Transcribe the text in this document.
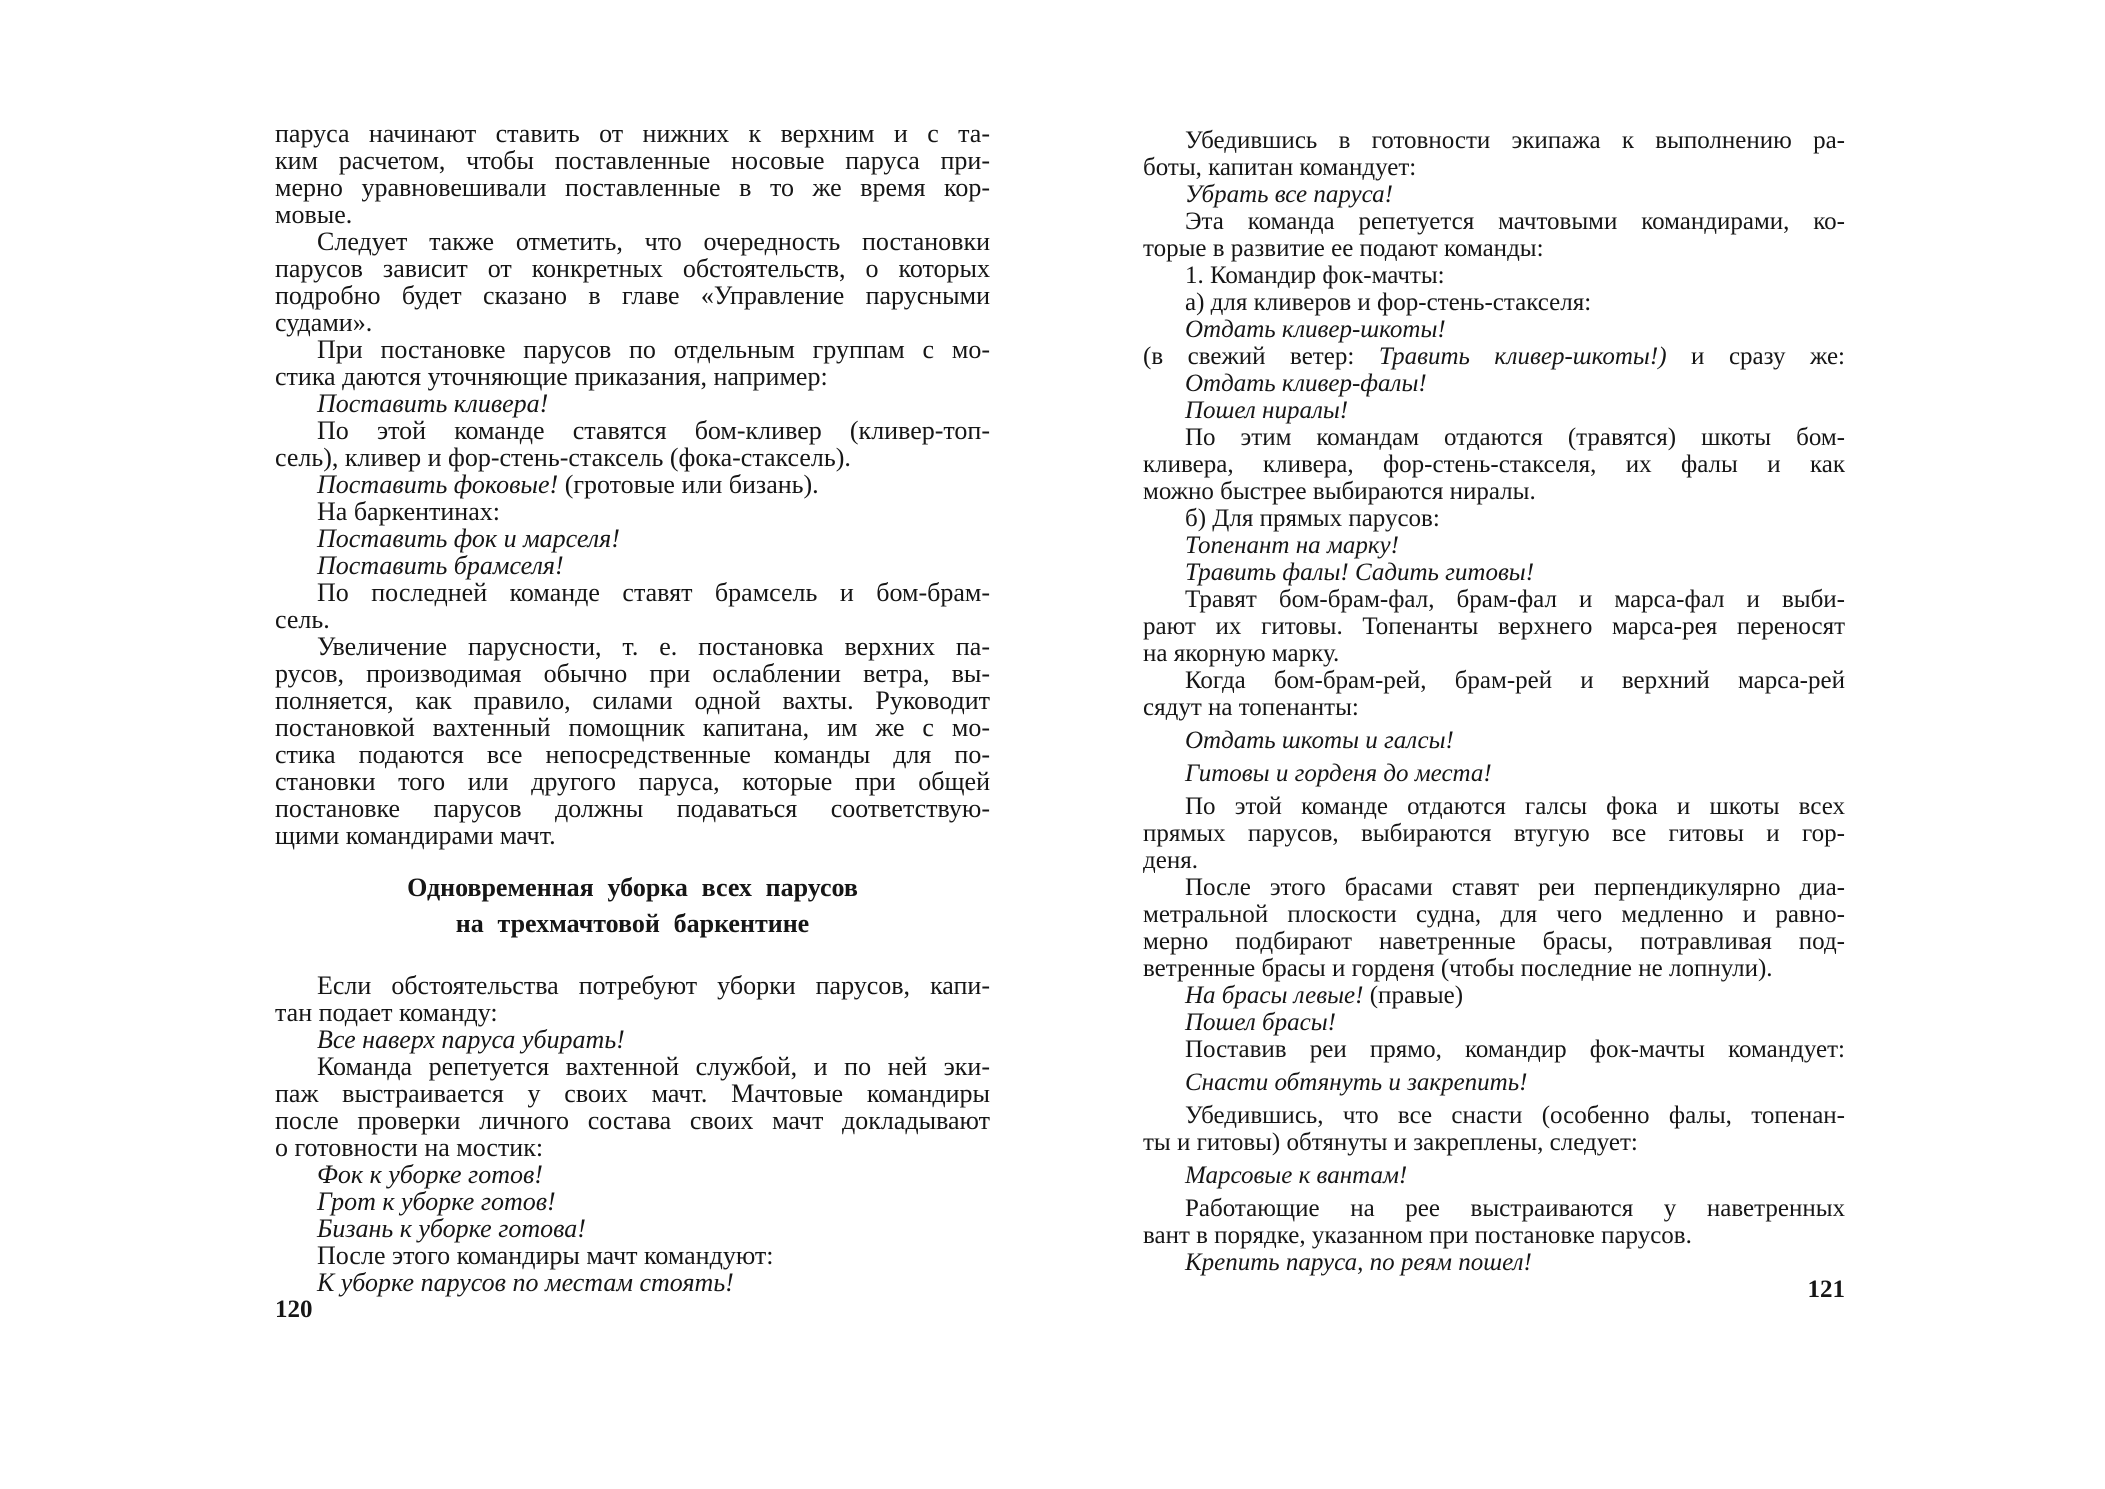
паруса начинают ставить от нижних к верхним и с та-
ким расчетом, чтобы поставленные носовые паруса при-
мерно уравновешивали поставленные в то же время кор-
мовые.
Следует также отметить, что очередность постановки
парусов зависит от конкретных обстоятельств, о которых
подробно будет сказано в главе «Управление парусными
судами».
При постановке парусов по отдельным группам с мо-
стика даются уточняющие приказания, например:
Поставить кливера!
По этой команде ставятся бом-кливер (кливер-топ-
сель), кливер и фор-стень-стаксель (фока-стаксель).
Поставить фоковые! (гротовые или бизань).
На баркентинах:
Поставить фок и марселя!
Поставить брамселя!
По последней команде ставят брамсель и бом-брам-
сель.
Увеличение парусности, т. е. постановка верхних па-
русов, производимая обычно при ослаблении ветра, вы-
полняется, как правило, силами одной вахты. Руководит
постановкой вахтенный помощник капитана, им же с мо-
стика подаются все непосредственные команды для по-
становки того или другого паруса, которые при общей
постановке парусов должны подаваться соответствую-
щими командирами мачт.
Одновременная уборка всех парусов
на трехмачтовой баркентине
Если обстоятельства потребуют уборки парусов, капи-
тан подает команду:
Все наверх паруса убирать!
Команда репетуется вахтенной службой, и по ней эки-
паж выстраивается у своих мачт. Мачтовые командиры
после проверки личного состава своих мачт докладывают
о готовности на мостик:
Фок к уборке готов!
Грот к уборке готов!
Бизань к уборке готова!
После этого командиры мачт командуют:
К уборке парусов по местам стоять!
120
Убедившись в готовности экипажа к выполнению ра-
боты, капитан командует:
Убрать все паруса!
Эта команда репетуется мачтовыми командирами, ко-
торые в развитие ее подают команды:
1. Командир фок-мачты:
а) для кливеров и фор-стень-стакселя:
Отдать кливер-шкоты!
(в свежий ветер: Травить кливер-шкоты!) и сразу же:
Отдать кливер-фалы!
Пошел ниралы!
По этим командам отдаются (травятся) шкоты бом-
кливера, кливера, фор-стень-стакселя, их фалы и как
можно быстрее выбираются ниралы.
б) Для прямых парусов:
Топенант на марку!
Травить фалы! Садить гитовы!
Травят бом-брам-фал, брам-фал и марса-фал и выби-
рают их гитовы. Топенанты верхнего марса-рея переносят
на якорную марку.
Когда бом-брам-рей, брам-рей и верхний марса-рей
сядут на топенанты:
Отдать шкоты и галсы!
Гитовы и горденя до места!
По этой команде отдаются галсы фока и шкоты всех
прямых парусов, выбираются втугую все гитовы и гор-
деня.
После этого брасами ставят реи перпендикулярно диа-
метральной плоскости судна, для чего медленно и равно-
мерно подбирают наветренные брасы, потравливая под-
ветренные брасы и горденя (чтобы последние не лопнули).
На брасы левые! (правые)
Пошел брасы!
Поставив реи прямо, командир фок-мачты командует:
Снасти обтянуть и закрепить!
Убедившись, что все снасти (особенно фалы, топенан-
ты и гитовы) обтянуты и закреплены, следует:
Марсовые к вантам!
Работающие на рее выстраиваются у наветренных
вант в порядке, указанном при постановке парусов.
Крепить паруса, по реям пошел!
121
